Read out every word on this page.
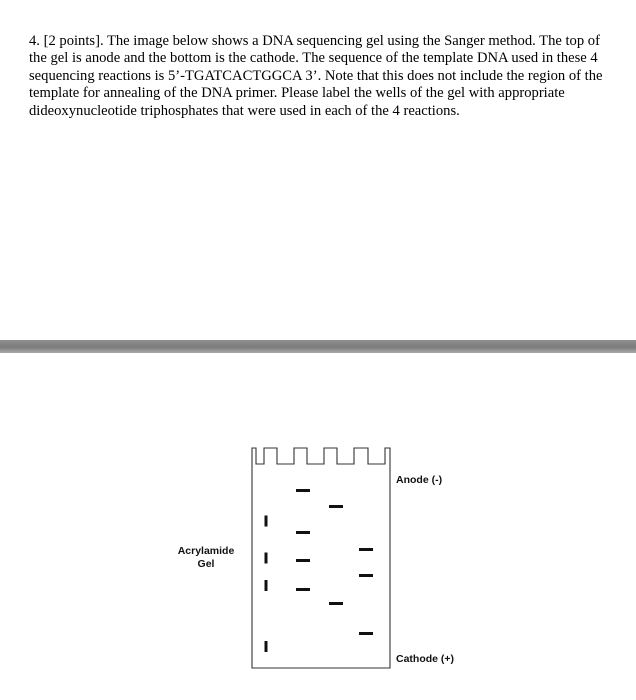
4. [2 points]. The image below shows a DNA sequencing gel using the Sanger method. The top of the gel is anode and the bottom is the cathode. The sequence of the template DNA used in these 4 sequencing reactions is 5’-TGATCACTGGCA 3’. Note that this does not include the region of the template for annealing of the DNA primer. Please label the wells of the gel with appropriate dideoxynucleotide triphosphates that were used in each of the 4 reactions.

Acrylamide
Gel
Anode (-)
Cathode (+)
